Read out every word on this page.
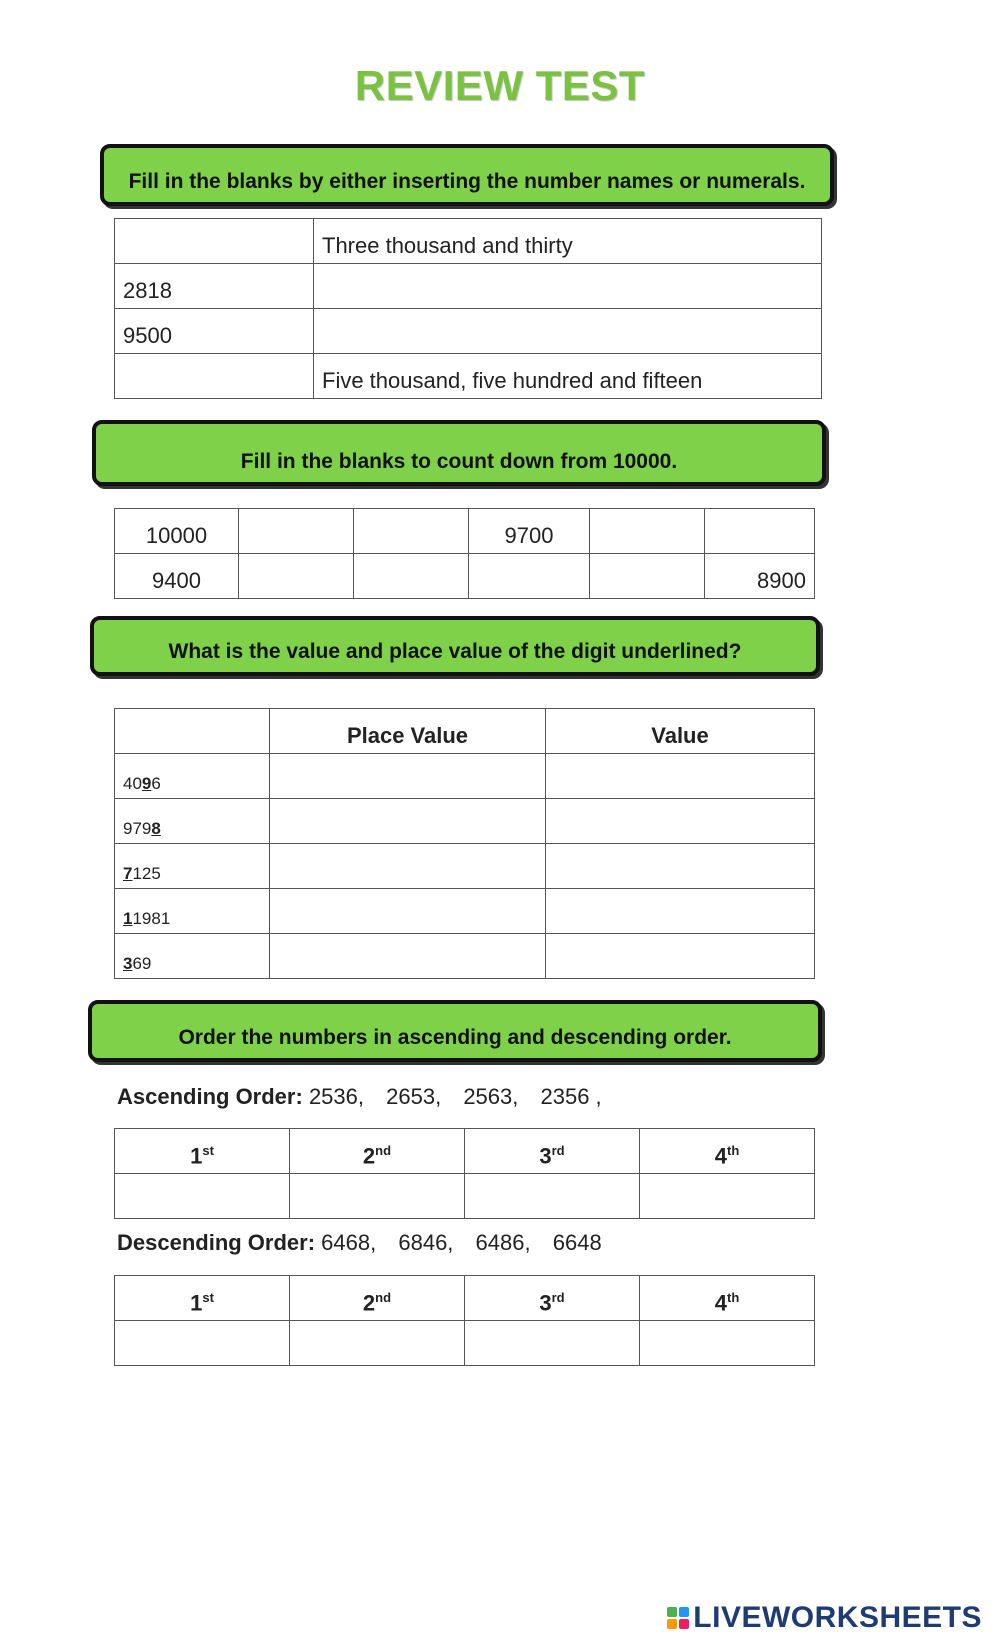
REVIEW TEST
Fill in the blanks by either inserting the number names or numerals.
	Three thousand and thirty
2818	
9500	
	Five thousand, five hundred and fifteen
Fill in the blanks to count down from 10000.
10000			9700		
9400					8900
What is the value and place value of the digit underlined?
	Place Value	Value
4096		
9798		
7125		
11981		
369		
Order the numbers in ascending and descending order.
Ascending Order: 2536, 2653, 2563, 2356 ,
1st	2nd	3rd	4th

Descending Order: 6468, 6846, 6486, 6648
1st	2nd	3rd	4th

LIVEWORKSHEETS
